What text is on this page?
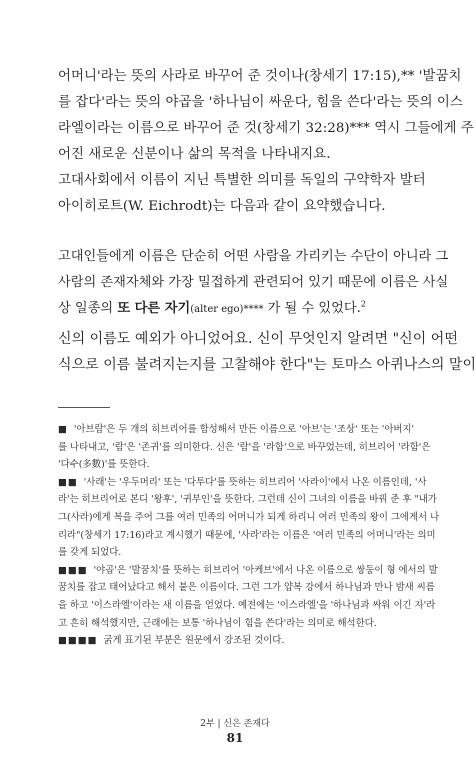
어머니'라는 뜻의 사라로 바꾸어 준 것이나(창세기 17:15),** '발꿈치
를 잡다'라는 뜻의 야곱을 '하나님이 싸운다, 힘을 쓴다'라는 뜻의 이스
라엘이라는 이름으로 바꾸어 준 것(창세기 32:28)*** 역시 그들에게 주
어진 새로운 신분이나 삶의 목적을 나타내지요.

고대사회에서 이름이 지닌 특별한 의미를 독일의 구약학자 발터
아이히로트(W. Eichrodt)는 다음과 같이 요약했습니다.

고대인들에게 이름은 단순히 어떤 사람을 가리키는 수단이 아니라 그
사람의 존재자체와 가장 밀접하게 관련되어 있기 때문에 이름은 사실
상 일종의 또 다른 자기(alter ego)**** 가 될 수 있었다.$^2$

신의 이름도 예외가 아니었어요. 신이 무엇인지 알려면 "신이 어떤
식으로 이름 불려지는지를 고찰해야 한다"는 토마스 아퀴나스의 말이

■ '아브람'은 두 개의 히브리어를 합성해서 만든 이름으로 '아브'는 '조상' 또는 '아버지'
를 나타내고, '람'은 '존귀'를 의미한다. 신은 '람'을 '라함'으로 바꾸었는데, 히브리어 '라함'은
'다수(多數)'를 뜻한다.
■■ '사래'는 '우두머리' 또는 '다투다'를 뜻하는 히브리어 '사라이'에서 나온 이름인데, '사
라'는 히브리어로 본디 '왕후', '귀부인'을 뜻한다. 그런데 신이 그녀의 이름을 바꿔 준 후 "내가
그(사라)에게 복을 주어 그를 여러 민족의 어머니가 되게 하리니 여러 민족의 왕이 그에게서 나
리라"(창세기 17:16)라고 계시했기 때문에, '사라'라는 이름은 '여러 민족의 어머니'라는 의미
를 갖게 되었다.
■■■ '야곱'은 '발꿈치'를 뜻하는 히브리어 '아케브'에서 나온 이름으로 쌍둥이 형 에서의 발
꿈치를 잡고 태어났다고 해서 붙은 이름이다. 그런 그가 얍복 강에서 하나님과 만나 밤새 씨름
을 하고 '이스라엘'이라는 새 이름을 얻었다. 예전에는 '이스라엘'을 '하나님과 싸워 이긴 자'라
고 흔히 해석했지만, 근래에는 보통 '하나님이 힘을 쓴다'라는 의미로 해석한다.
■■■■ 굵게 표기된 부분은 원문에서 강조된 것이다.
2부 | 신은 존재다
81
